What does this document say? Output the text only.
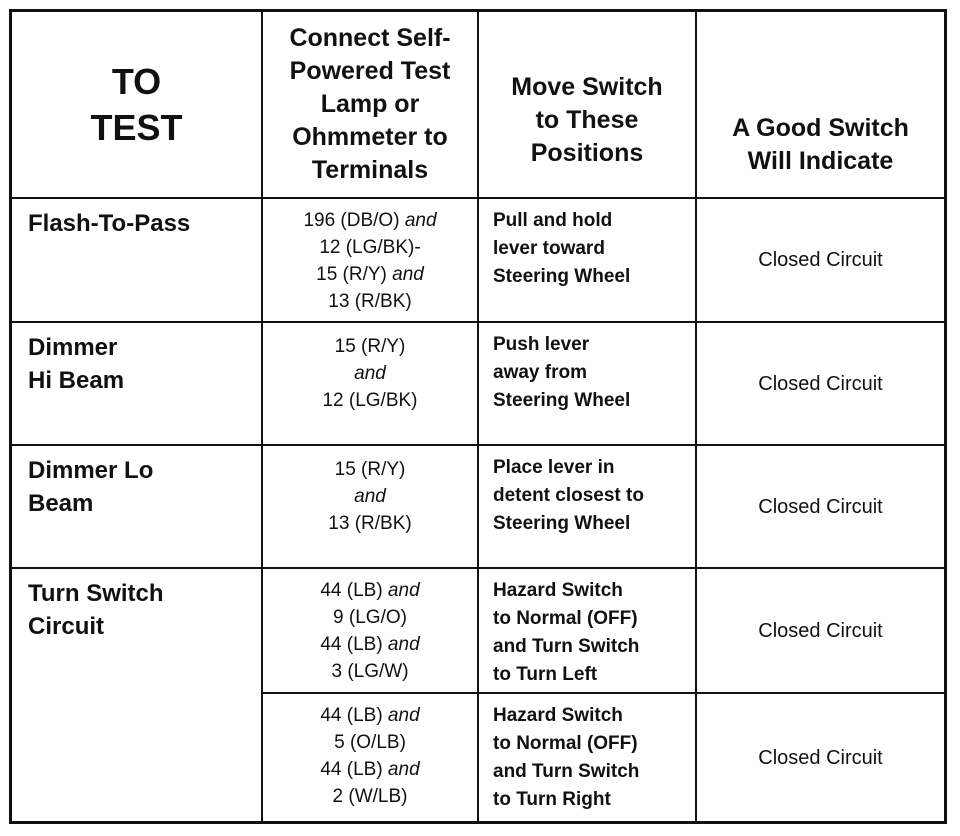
TO
TEST	Connect Self-
Powered Test
Lamp or
Ohmmeter to
Terminals	Move Switch
to These
Positions	A Good Switch
Will Indicate

Flash-To-Pass	196 (DB/O) and
12 (LG/BK)-
15 (R/Y) and
13 (R/BK)	Pull and hold
lever toward
Steering Wheel	Closed Circuit

Dimmer
Hi Beam	15 (R/Y)
and
12 (LG/BK)	Push lever
away from
Steering Wheel	Closed Circuit

Dimmer Lo
Beam	15 (R/Y)
and
13 (R/BK)	Place lever in
detent closest to
Steering Wheel	Closed Circuit

Turn Switch
Circuit	44 (LB) and
9 (LG/O)
44 (LB) and
3 (LG/W)	Hazard Switch
to Normal (OFF)
and Turn Switch
to Turn Left	Closed Circuit

	44 (LB) and
5 (O/LB)
44 (LB) and
2 (W/LB)	Hazard Switch
to Normal (OFF)
and Turn Switch
to Turn Right	Closed Circuit
